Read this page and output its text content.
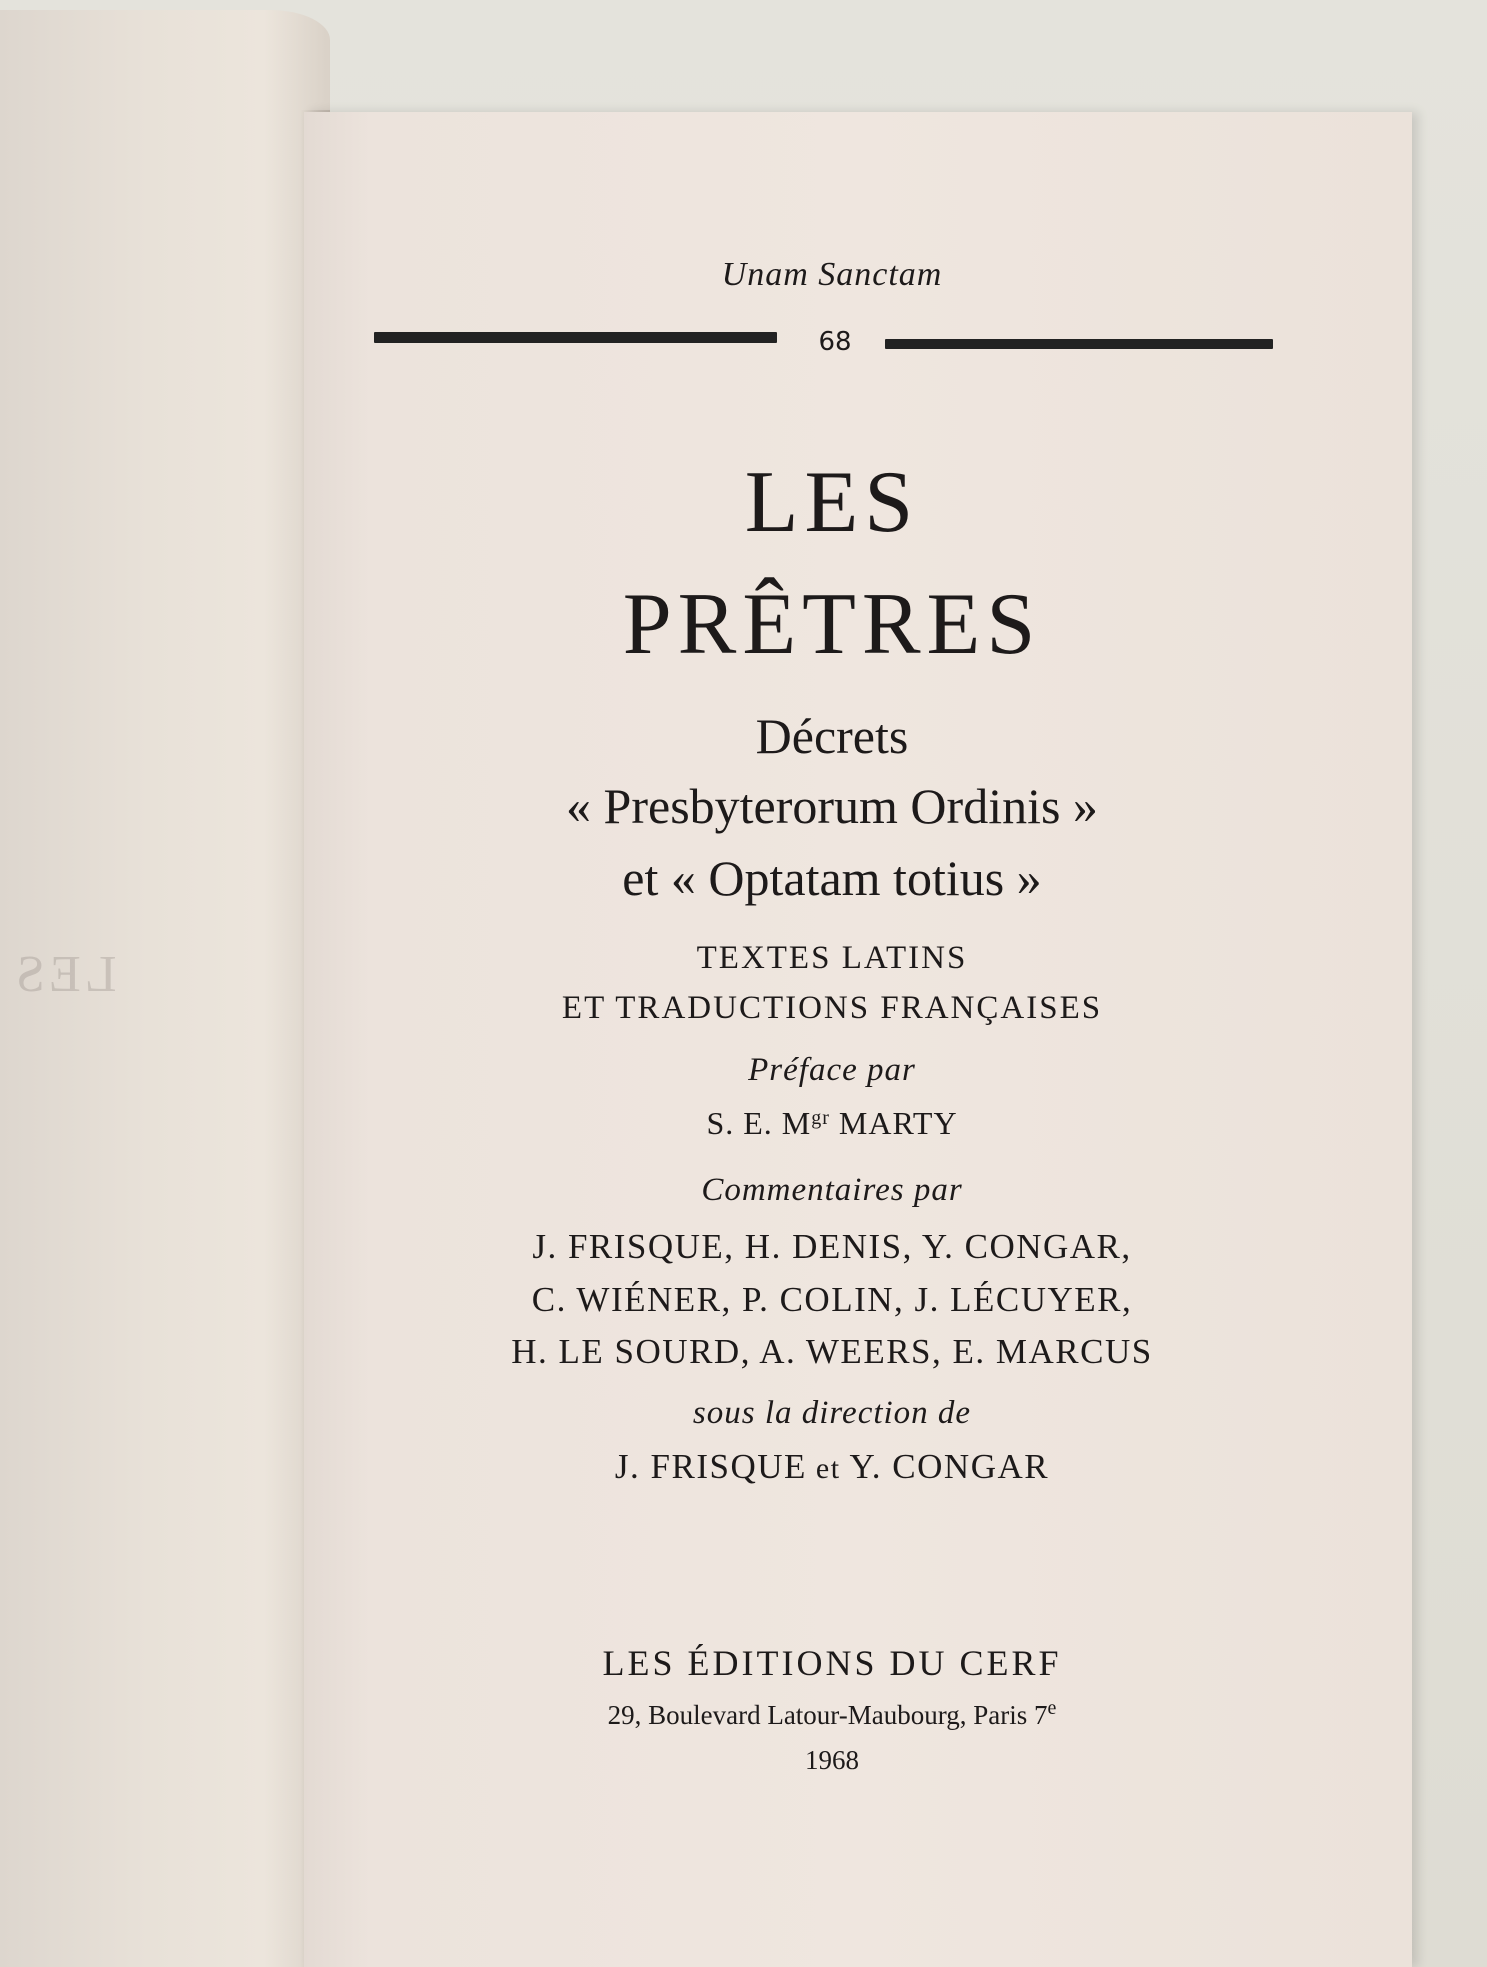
LES
Unam Sanctam
68
LES
PRÊTRES
Décrets
« Presbyterorum Ordinis »
et « Optatam totius »
TEXTES LATINS
ET TRADUCTIONS FRANÇAISES
Préface par
S. E. $M^{gr}$ MARTY
Commentaires par
J. FRISQUE, H. DENIS, Y. CONGAR,
C. WIÉNER, P. COLIN, J. LÉCUYER,
H. LE SOURD, A. WEERS, E. MARCUS
sous la direction de
J. FRISQUE et Y. CONGAR
LES ÉDITIONS DU CERF
29, Boulevard Latour-Maubourg, Paris 7e
1968
